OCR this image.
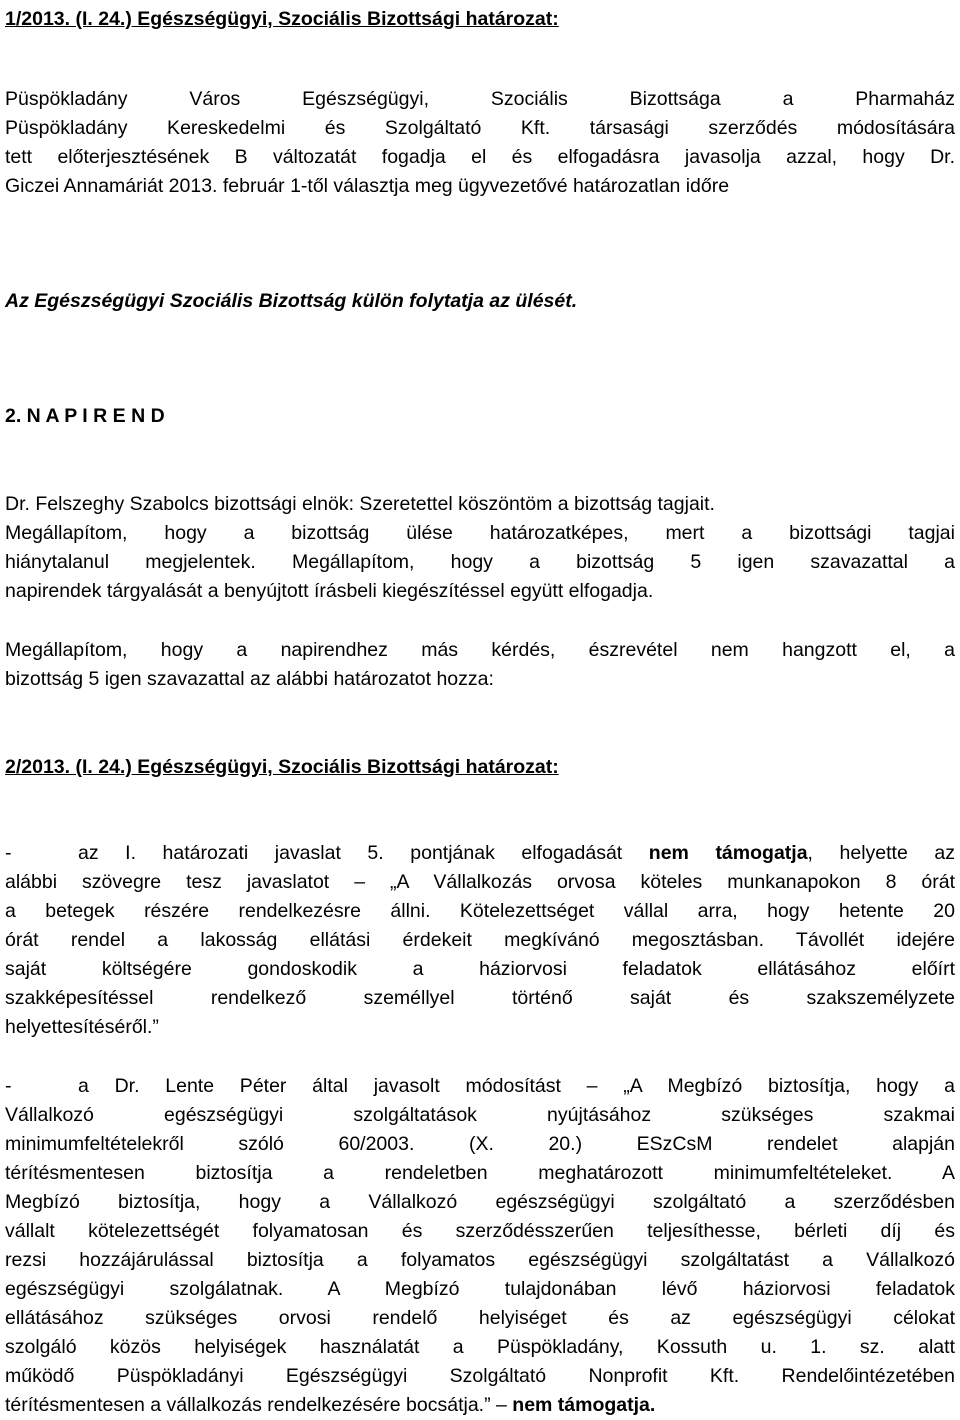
1/2013. (I. 24.) Egészségügyi, Szociális Bizottsági határozat:
Püspökladány Város Egészségügyi, Szociális Bizottsága a Pharmaház
Püspökladány Kereskedelmi és Szolgáltató Kft. társasági szerződés módosítására
tett előterjesztésének B változatát fogadja el és elfogadásra javasolja azzal, hogy Dr.
Giczei Annamáriát 2013. február 1-től választja meg ügyvezetővé határozatlan időre
Az Egészségügyi Szociális Bizottság külön folytatja az ülését.
2. N A P I R E N D
Dr. Felszeghy Szabolcs bizottsági elnök: Szeretettel köszöntöm a bizottság tagjait.
Megállapítom, hogy a bizottság ülése határozatképes, mert a bizottsági tagjai
hiánytalanul megjelentek. Megállapítom, hogy a bizottság 5 igen szavazattal a
napirendek tárgyalását a benyújtott írásbeli kiegészítéssel együtt elfogadja.
Megállapítom, hogy a napirendhez más kérdés, észrevétel nem hangzott el, a
bizottság 5 igen szavazattal az alábbi határozatot hozza:
2/2013. (I. 24.) Egészségügyi, Szociális Bizottsági határozat:
-	az I. határozati javaslat 5. pontjának elfogadását nem támogatja, helyette az
alábbi szövegre tesz javaslatot – „A Vállalkozás orvosa köteles munkanapokon 8 órát
a betegek részére rendelkezésre állni. Kötelezettséget vállal arra, hogy hetente 20
órát rendel a lakosság ellátási érdekeit megkívánó megosztásban. Távollét idejére
saját költségére gondoskodik a háziorvosi feladatok ellátásához előírt
szakképesítéssel rendelkező személlyel történő saját és szakszemélyzete
helyettesítéséről.”
-	a Dr. Lente Péter által javasolt módosítást – „A Megbízó biztosítja, hogy a
Vállalkozó egészségügyi szolgáltatások nyújtásához szükséges szakmai
minimumfeltételekről szóló 60/2003. (X. 20.) ESzCsM rendelet alapján
térítésmentesen biztosítja a rendeletben meghatározott minimumfeltételeket. A
Megbízó biztosítja, hogy a Vállalkozó egészségügyi szolgáltató a szerződésben
vállalt kötelezettségét folyamatosan és szerződésszerűen teljesíthesse, bérleti díj és
rezsi hozzájárulással biztosítja a folyamatos egészségügyi szolgáltatást a Vállalkozó
egészségügyi szolgálatnak. A Megbízó tulajdonában lévő háziorvosi feladatok
ellátásához szükséges orvosi rendelő helyiséget és az egészségügyi célokat
szolgáló közös helyiségek használatát a Püspökladány, Kossuth u. 1. sz. alatt
működő Püspökladányi Egészségügyi Szolgáltató Nonprofit Kft. Rendelőintézetében
térítésmentesen a vállalkozás rendelkezésére bocsátja.” – nem támogatja.
